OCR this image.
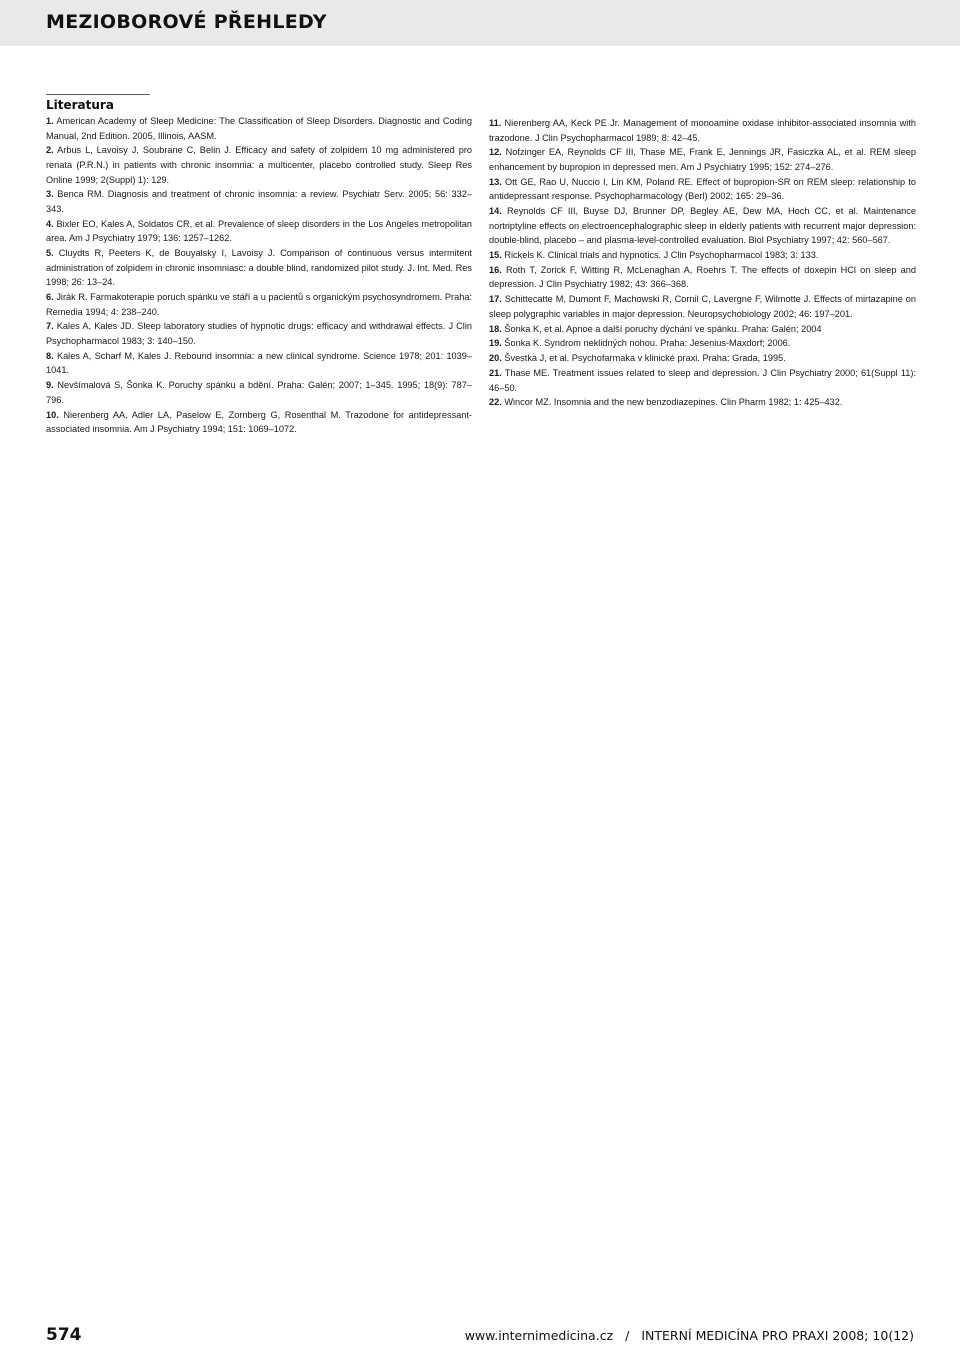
MEZIOBOROVÉ PŘEHLEDY
Literatura

1. American Academy of Sleep Medicine: The Classification of Sleep Disorders. Diagnostic and Coding Manual, 2nd Edition. 2005, Illinois, AASM.

2. Arbus L, Lavoisy J, Soubrane C, Belin J. Efficacy and safety of zolpidem 10 mg administered pro renata (P.R.N.) in patients with chronic insomnia: a multicenter, placebo controlled study. Sleep Res Online 1999; 2(Suppl) 1): 129.

3. Benca RM. Diagnosis and treatment of chronic insomnia: a review. Psychiatr Serv. 2005; 56: 332–343.

4. Bixler EO, Kales A, Soldatos CR, et al. Prevalence of sleep disorders in the Los Angeles metropolitan area. Am J Psychiatry 1979; 136: 1257–1262.

5. Cluydts R, Peeters K, de Bouyalsky I, Lavoisy J. Comparison of continuous versus intermitent administration of zolpidem in chronic insomniasc: a double blind, randomized pilot study. J. Int. Med. Res 1998; 26: 13–24.

6. Jirák R. Farmakoterapie poruch spánku ve stáří a u pacientů s organickým psychosyndromem. Praha: Remedia 1994; 4: 238–240.

7. Kales A, Kales JD. Sleep laboratory studies of hypnotic drugs: efficacy and withdrawal effects. J Clin Psychopharmacol 1983; 3: 140–150.

8. Kales A, Scharf M, Kales J. Rebound insomnia: a new clinical syndrome. Science 1978; 201: 1039–1041.

9. Nevšímalová S, Šonka K. Poruchy spánku a bdění. Praha: Galén; 2007; 1–345. 1995; 18(9): 787–796.

10. Nierenberg AA, Adler LA, Paselow E, Zornberg G, Rosenthal M. Trazodone for antidepressant-associated insomnia. Am J Psychiatry 1994; 151: 1069–1072.

11. Nierenberg AA, Keck PE Jr. Management of monoamine oxidase inhibitor-associated insomnia with trazodone. J Clin Psychopharmacol 1989; 8: 42–45.

12. Nofzinger EA, Reynolds CF III, Thase ME, Frank E, Jennings JR, Fasiczka AL, et al. REM sleep enhancement by bupropion in depressed men. Am J Psychiatry 1995; 152: 274–276.

13. Ott GE, Rao U, Nuccio I, Lin KM, Poland RE. Effect of bupropion-SR on REM sleep: relationship to antidepressant response. Psychopharmacology (Berl) 2002; 165: 29–36.

14. Reynolds CF III, Buyse DJ, Brunner DP, Begley AE, Dew MA, Hoch CC, et al. Maintenance nortriptyline effects on electroencephalographic sleep in elderly patients with recurrent major depression: double-blind, placebo – and plasma-level-controlled evaluation. Biol Psychiatry 1997; 42: 560–567.

15. Rickels K. Clinical trials and hypnotics. J Clin Psychopharmacol 1983; 3: 133.

16. Roth T, Zorick F, Witting R, McLenaghan A, Roehrs T. The effects of doxepin HCl on sleep and depression. J Clin Psychiatry 1982; 43: 366–368.

17. Schittecatte M, Dumont F, Machowski R, Cornil C, Lavergne F, Wilmotte J. Effects of mirtazapine on sleep polygraphic variables in major depression. Neuropsychobiology 2002; 46: 197–201.

18. Šonka K, et al. Apnoe a další poruchy dýchání ve spánku. Praha: Galén; 2004

19. Šonka K. Syndrom neklidných nohou. Praha: Jesenius-Maxdorf; 2006.

20. Švestka J, et al. Psychofarmaka v klinické praxi. Praha: Grada, 1995.

21. Thase ME. Treatment issues related to sleep and depression. J Clin Psychiatry 2000; 61(Suppl 11): 46–50.

22. Wincor MZ. Insomnia and the new benzodiazepines. Clin Pharm 1982; 1: 425–432.

574	www.internimedicina.cz / INTERNÍ MEDICÍNA PRO PRAXI 2008; 10(12)
